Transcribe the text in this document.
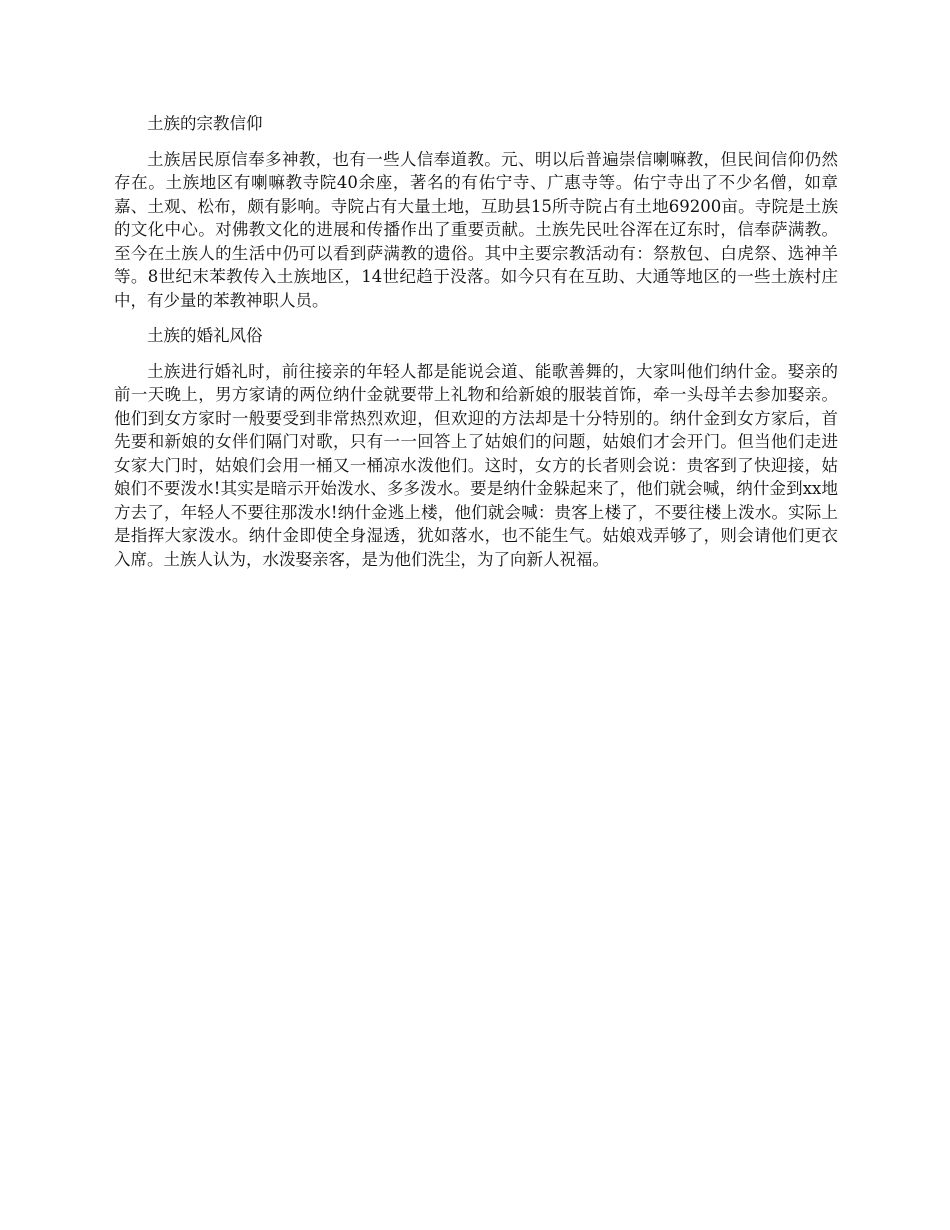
土族的宗教信仰

土族居民原信奉多神教，也有一些人信奉道教。元、明以后普遍崇信喇嘛教，但民间信仰仍然存在。土族地区有喇嘛教寺院40余座，著名的有佑宁寺、广惠寺等。佑宁寺出了不少名僧，如章嘉、土观、松布，颇有影响。寺院占有大量土地，互助县15所寺院占有土地69200亩。寺院是土族的文化中心。对佛教文化的进展和传播作出了重要贡献。土族先民吐谷浑在辽东时，信奉萨满教。至今在土族人的生活中仍可以看到萨满教的遗俗。其中主要宗教活动有：祭敖包、白虎祭、选神羊等。8世纪末苯教传入土族地区，14世纪趋于没落。如今只有在互助、大通等地区的一些土族村庄中，有少量的苯教神职人员。

土族的婚礼风俗

土族进行婚礼时，前往接亲的年轻人都是能说会道、能歌善舞的，大家叫他们纳什金。娶亲的前一天晚上，男方家请的两位纳什金就要带上礼物和给新娘的服装首饰，牵一头母羊去参加娶亲。他们到女方家时一般要受到非常热烈欢迎，但欢迎的方法却是十分特别的。纳什金到女方家后，首先要和新娘的女伴们隔门对歌，只有一一回答上了姑娘们的问题，姑娘们才会开门。但当他们走进女家大门时，姑娘们会用一桶又一桶凉水泼他们。这时，女方的长者则会说：贵客到了快迎接，姑娘们不要泼水!其实是暗示开始泼水、多多泼水。要是纳什金躲起来了，他们就会喊，纳什金到xx地方去了，年轻人不要往那泼水!纳什金逃上楼，他们就会喊：贵客上楼了，不要往楼上泼水。实际上是指挥大家泼水。纳什金即使全身湿透，犹如落水，也不能生气。姑娘戏弄够了，则会请他们更衣入席。土族人认为，水泼娶亲客，是为他们洗尘，为了向新人祝福。
